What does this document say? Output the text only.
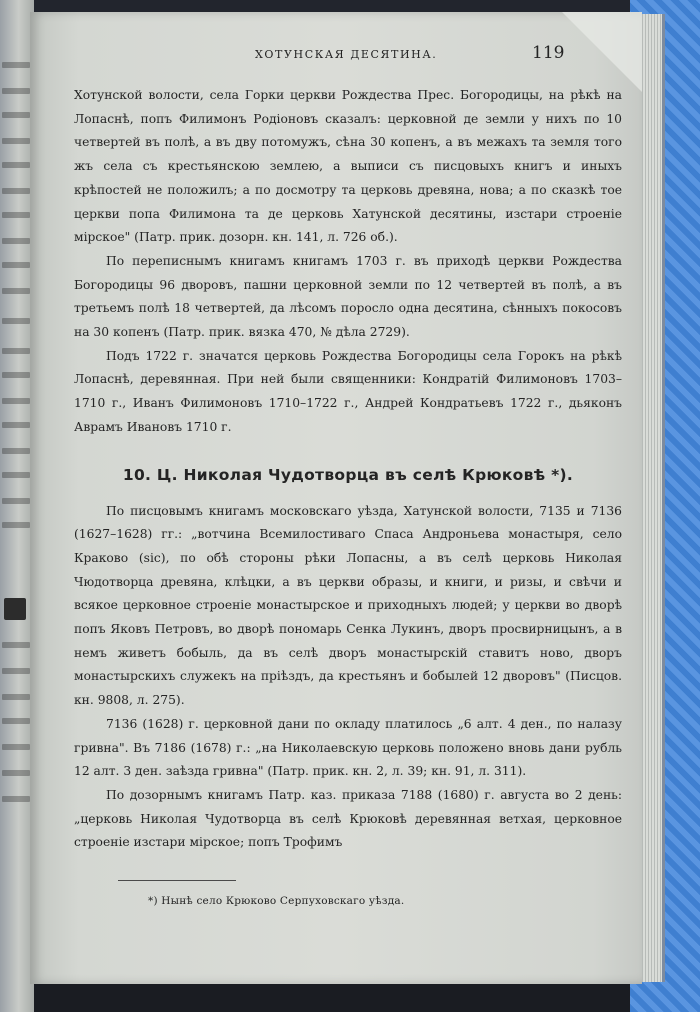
ХОТУНСКАЯ ДЕСЯТИНА.	119

Хотунской волости, села Горки церкви Рождества Прес. Богородицы, на рѣкѣ на Лопаснѣ, попъ Филимонъ Родіоновъ сказалъ: церковной де земли у нихъ по 10 четвертей въ полѣ, а въ дву потомужъ, сѣна 30 копенъ, а въ межахъ та земля того жъ села съ крестьянскою землею, а выписи съ писцовыхъ книгъ и иныхъ крѣпостей не положилъ; а по досмотру та церковь древяна, нова; а по сказкѣ тое церкви попа Филимона та де церковь Хатунской десятины, изстари строеніе мірское" (Патр. прик. дозорн. кн. 141, л. 726 об.).

По переписнымъ книгамъ книгамъ 1703 г. въ приходѣ церкви Рождества Богородицы 96 дворовъ, пашни церковной земли по 12 четвертей въ полѣ, а въ третьемъ полѣ 18 четвертей, да лѣсомъ поросло одна десятина, сѣнныхъ покосовъ на 30 копенъ (Патр. прик. вязка 470, № дѣла 2729).

Подъ 1722 г. значатся церковь Рождества Богородицы села Горокъ на рѣкѣ Лопаснѣ, деревянная. При ней были священники: Кондратій Филимоновъ 1703–1710 г., Иванъ Филимоновъ 1710–1722 г., Андрей Кондратьевъ 1722 г., дьяконъ Аврамъ Ивановъ 1710 г.

10. Ц. Николая Чудотворца въ селѣ Крюковѣ *).

По писцовымъ книгамъ московскаго уѣзда, Хатунской волости, 7135 и 7136 (1627–1628) гг.: „вотчина Всемилостиваго Спаса Андроньева монастыря, село Краково (sic), по обѣ стороны рѣки Лопасны, а въ селѣ церковь Николая Чюдотворца древяна, клѣцки, а въ церкви образы, и книги, и ризы, и свѣчи и всякое церковное строеніе монастырское и приходныхъ людей; у церкви во дворѣ попъ Яковъ Петровъ, во дворѣ пономарь Сенка Лукинъ, дворъ просвирницынъ, а в немъ живетъ бобыль, да въ селѣ дворъ монастырскій ставитъ ново, дворъ монастырскихъ служекъ на пріѣздъ, да крестьянъ и бобылей 12 дворовъ" (Писцов. кн. 9808, л. 275).

7136 (1628) г. церковной дани по окладу платилось „6 алт. 4 ден., по налазу гривна". Въ 7186 (1678) г.: „на Николаевскую церковь положено вновь дани рубль 12 алт. 3 ден. заѣзда гривна" (Патр. прик. кн. 2, л. 39; кн. 91, л. 311).

По дозорнымъ книгамъ Патр. каз. приказа 7188 (1680) г. августа во 2 день: „церковь Николая Чудотворца въ селѣ Крюковѣ деревянная ветхая, церковное строеніе изстари мірское; попъ Трофимъ

*) Нынѣ село Крюково Серпуховскаго уѣзда.
